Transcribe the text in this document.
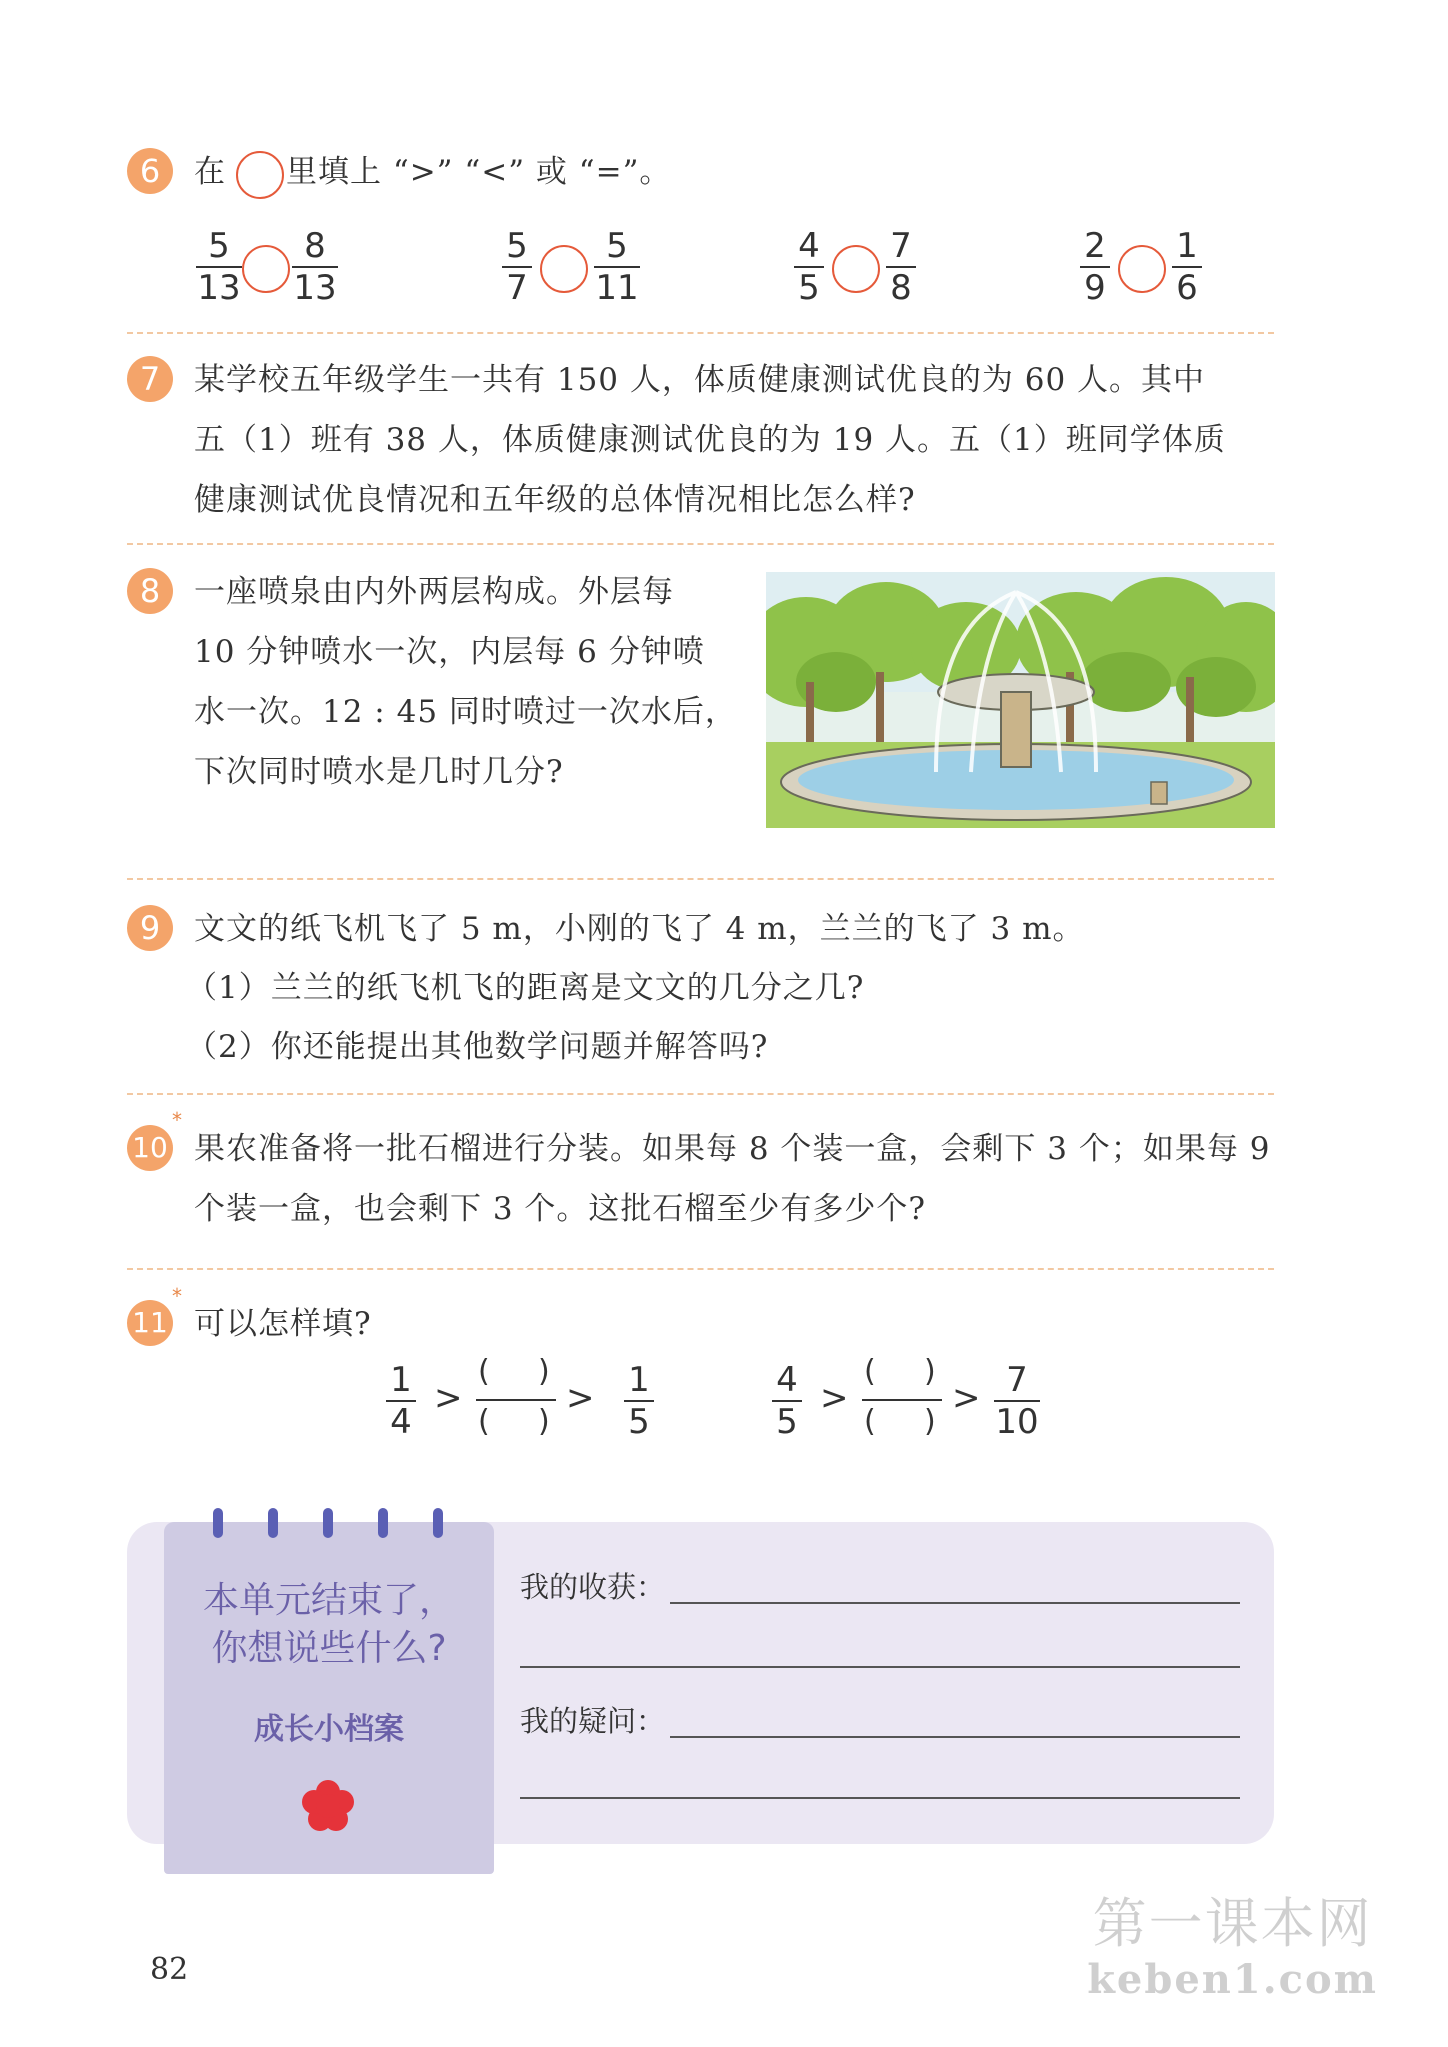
6	在 里填上 “>” “<” 或 “=”。
5
13
8
13
5
7
5
11
4
5
7
8
2
9
1
6
7	某学校五年级学生一共有 150 人，体质健康测试优良的为 60 人。其中
五（1）班有 38 人，体质健康测试优良的为 19 人。五（1）班同学体质
健康测试优良情况和五年级的总体情况相比怎么样?
8	一座喷泉由内外两层构成。外层每
10 分钟喷水一次，内层每 6 分钟喷
水一次。12 : 45 同时喷过一次水后，
下次同时喷水是几时几分?
9	文文的纸飞机飞了 5 m，小刚的飞了 4 m，兰兰的飞了 3 m。
（1）兰兰的纸飞机飞的距离是文文的几分之几?
（2）你还能提出其他数学问题并解答吗?
*
10 果农准备将一批石榴进行分装。如果每 8 个装一盒，会剩下 3 个；如果每 9
个装一盒，也会剩下 3 个。这批石榴至少有多少个?
*
11 可以怎样填?
1
4
>
( )
( )
> 1
5
4
5
>
( )
( )
> 7
10
本单元结束了，
你想说些什么?
成长小档案
我的收获：
我的疑问：
82
第一课本网
keben1.com
